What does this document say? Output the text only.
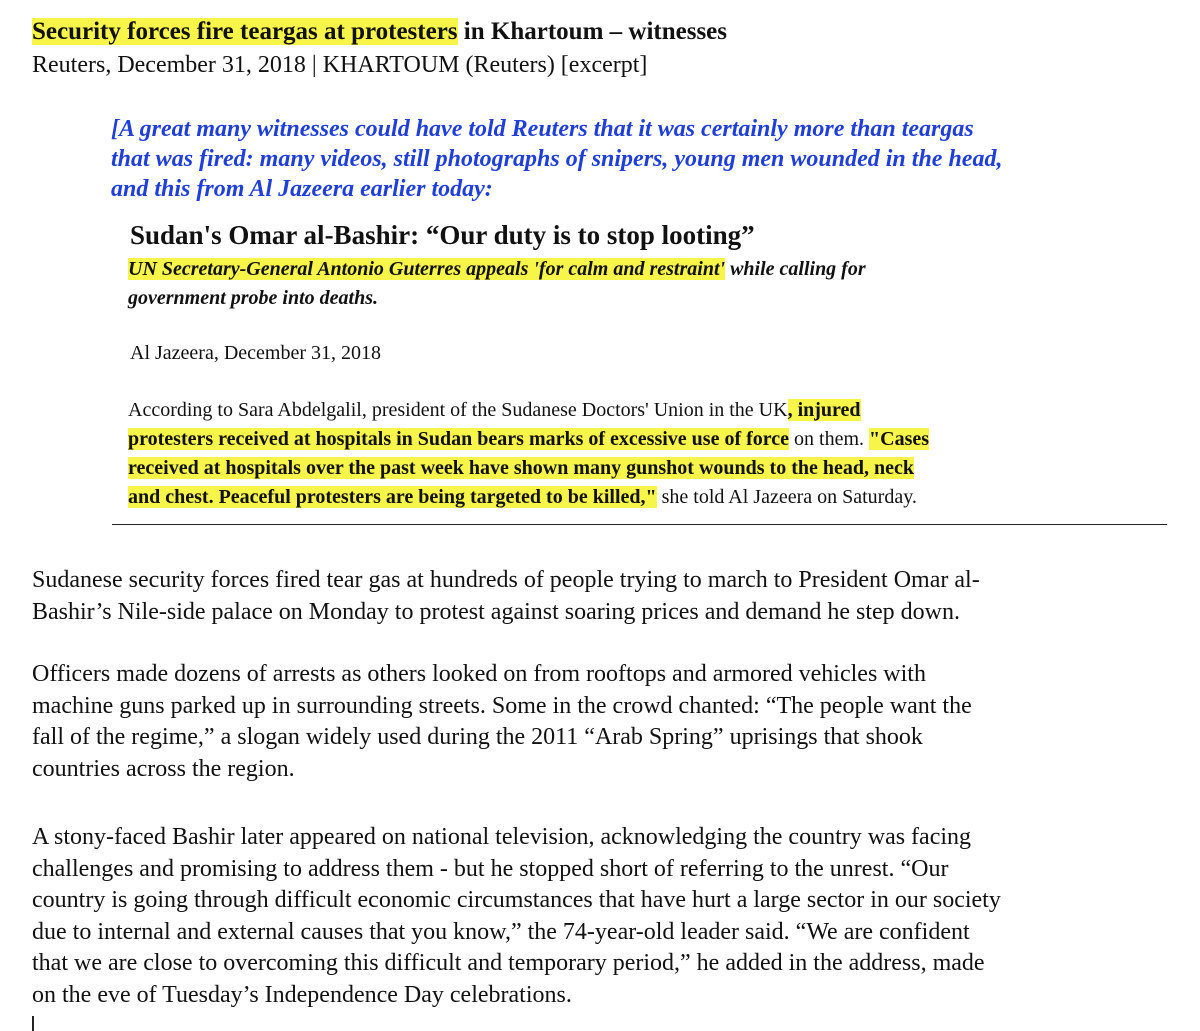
Security forces fire teargas at protesters in Khartoum – witnesses
Reuters, December 31, 2018 | KHARTOUM (Reuters) [excerpt]
[A great many witnesses could have told Reuters that it was certainly more than teargas
that was fired: many videos, still photographs of snipers, young men wounded in the head,
and this from Al Jazeera earlier today:
Sudan's Omar al-Bashir: “Our duty is to stop looting”
UN Secretary-General Antonio Guterres appeals 'for calm and restraint' while calling for
government probe into deaths.
Al Jazeera, December 31, 2018
According to Sara Abdelgalil, president of the Sudanese Doctors' Union in the UK, injured
protesters received at hospitals in Sudan bears marks of excessive use of force on them. "Cases
received at hospitals over the past week have shown many gunshot wounds to the head, neck
and chest. Peaceful protesters are being targeted to be killed," she told Al Jazeera on Saturday.
Sudanese security forces fired tear gas at hundreds of people trying to march to President Omar al-
Bashir’s Nile-side palace on Monday to protest against soaring prices and demand he step down.
Officers made dozens of arrests as others looked on from rooftops and armored vehicles with
machine guns parked up in surrounding streets. Some in the crowd chanted: “The people want the
fall of the regime,” a slogan widely used during the 2011 “Arab Spring” uprisings that shook
countries across the region.
A stony-faced Bashir later appeared on national television, acknowledging the country was facing
challenges and promising to address them - but he stopped short of referring to the unrest. “Our
country is going through difficult economic circumstances that have hurt a large sector in our society
due to internal and external causes that you know,” the 74-year-old leader said. “We are confident
that we are close to overcoming this difficult and temporary period,” he added in the address, made
on the eve of Tuesday’s Independence Day celebrations.
